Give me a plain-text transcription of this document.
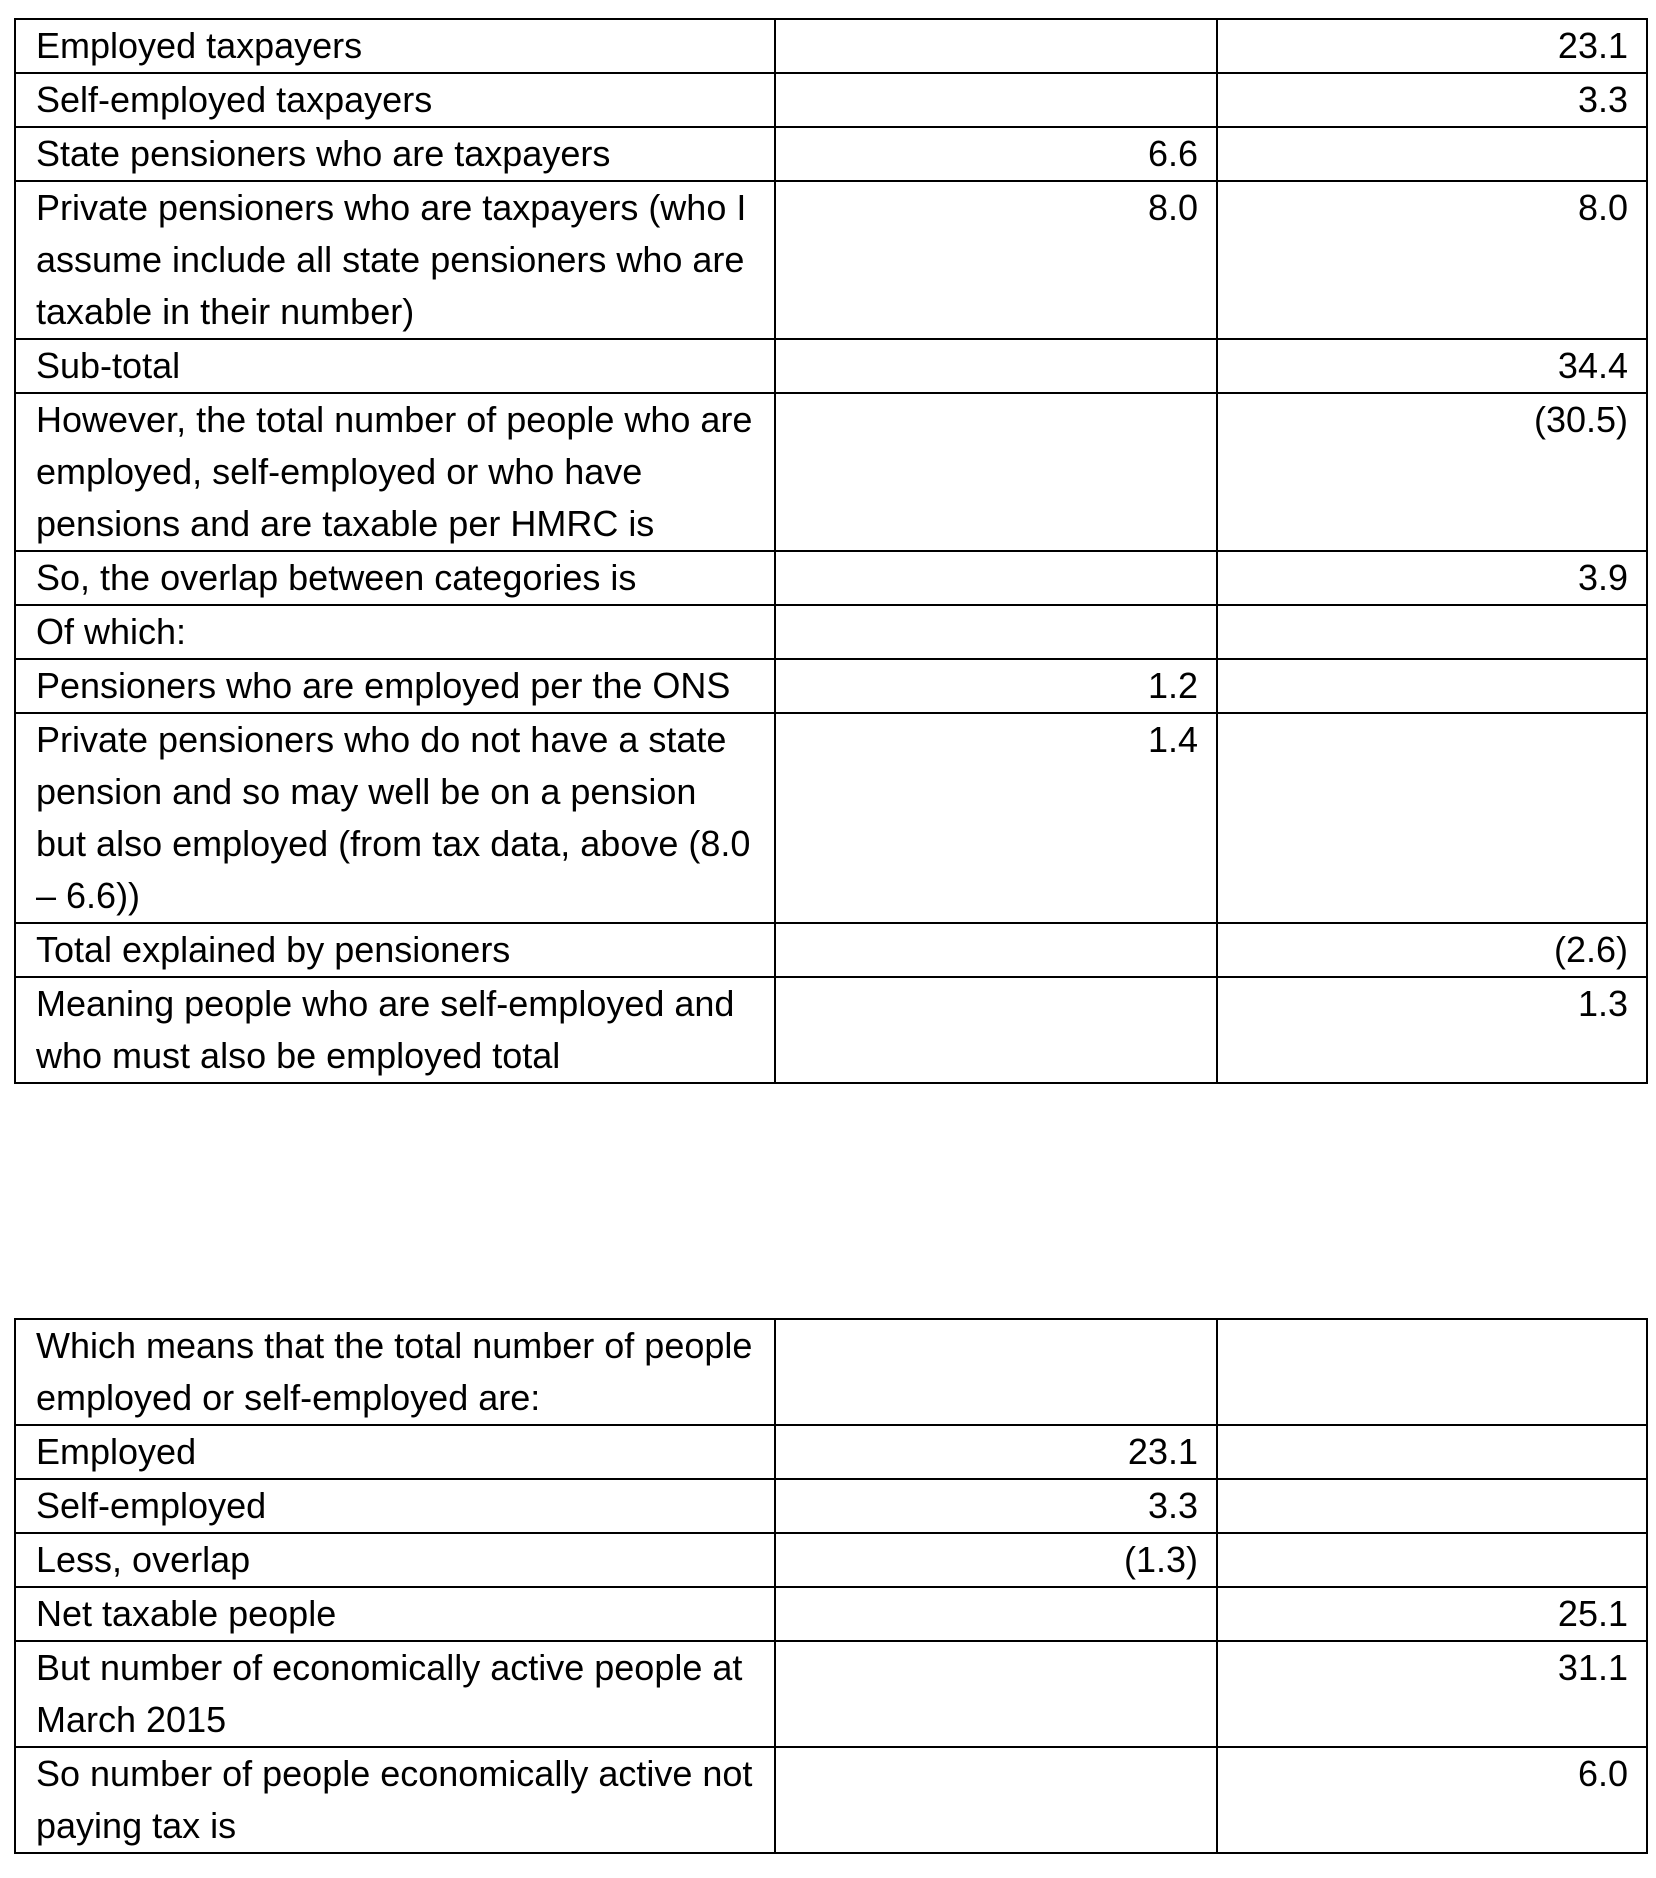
Employed taxpayers		23.1
Self-employed taxpayers		3.3
State pensioners who are taxpayers	6.6	
Private pensioners who are taxpayers (who I assume include all state pensioners who are taxable in their number)	8.0	8.0
Sub-total		34.4
However, the total number of people who are employed, self-employed or who have pensions and are taxable per HMRC is		(30.5)
So, the overlap between categories is		3.9
Of which:		
Pensioners who are employed per the ONS	1.2	
Private pensioners who do not have a state pension and so may well be on a pension but also employed (from tax data, above (8.0 – 6.6))	1.4	
Total explained by pensioners		(2.6)
Meaning people who are self-employed and who must also be employed total		1.3
Which means that the total number of people employed or self-employed are:		
Employed	23.1	
Self-employed	3.3	
Less, overlap	(1.3)	
Net taxable people		25.1
But number of economically active people at March 2015		31.1
So number of people economically active not paying tax is		6.0
